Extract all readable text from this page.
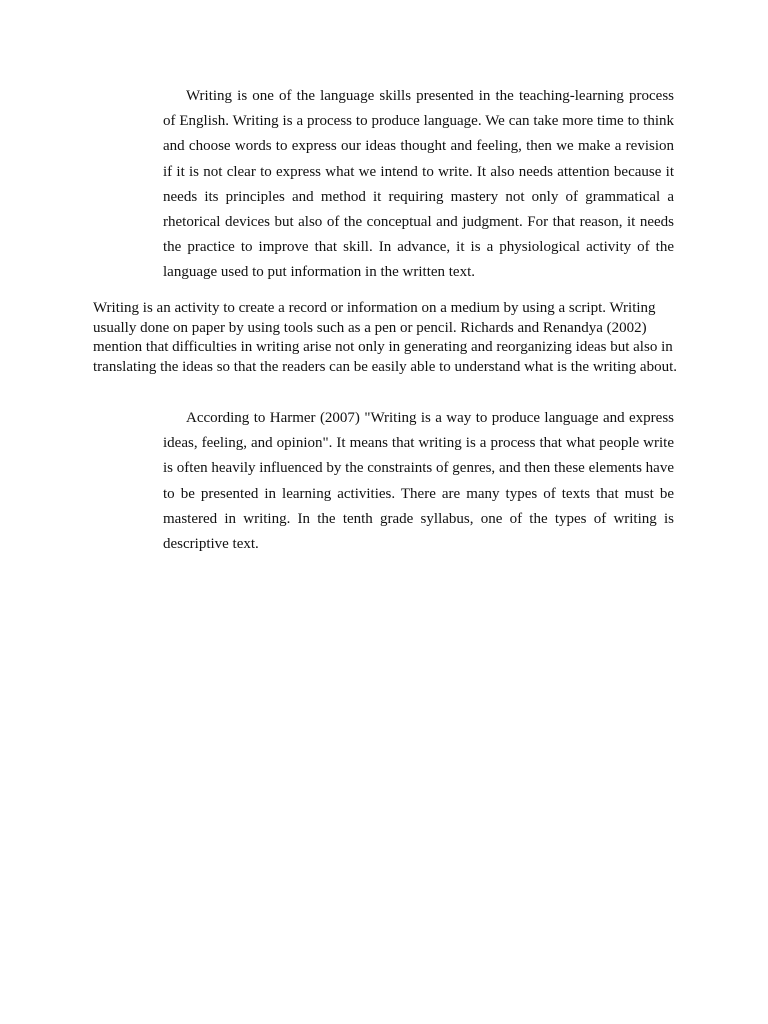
Writing is one of the language skills presented in the teaching-learning process of English. Writing is a process to produce language. We can take more time to think and choose words to express our ideas thought and feeling, then we make a revision if it is not clear to express what we intend to write. It also needs attention because it needs its principles and method it requiring mastery not only of grammatical a rhetorical devices but also of the conceptual and judgment. For that reason, it needs the practice to improve that skill. In advance, it is a physiological activity of the language used to put information in the written text.

Writing is an activity to create a record or information on a medium by using a script. Writing usually done on paper by using tools such as a pen or pencil. Richards and Renandya (2002) mention that difficulties in writing arise not only in generating and reorganizing ideas but also in translating the ideas so that the readers can be easily able to understand what is the writing about.

According to Harmer (2007) "Writing is a way to produce language and express ideas, feeling, and opinion". It means that writing is a process that what people write is often heavily influenced by the constraints of genres, and then these elements have to be presented in learning activities. There are many types of texts that must be mastered in writing. In the tenth grade syllabus, one of the types of writing is descriptive text.
